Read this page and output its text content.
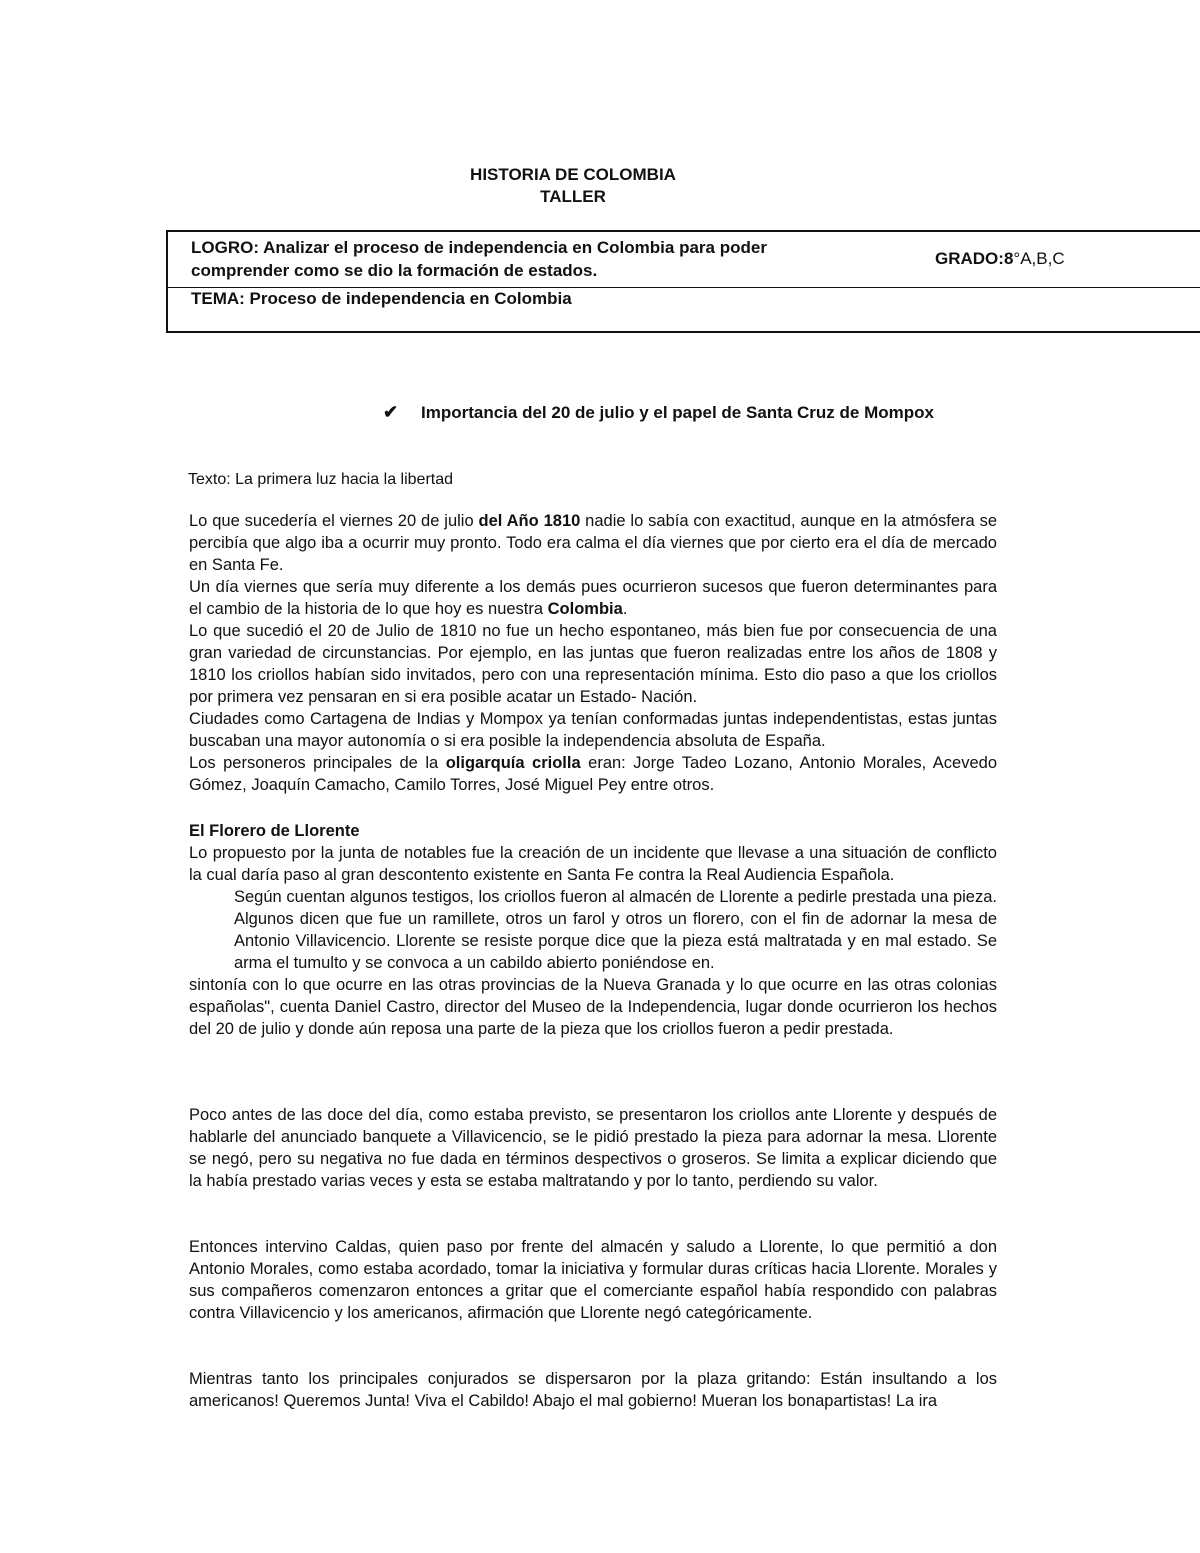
HISTORIA DE COLOMBIA
TALLER
LOGRO: Analizar el proceso de independencia en Colombia para poder comprender como se dio la formación de estados.
GRADO:8°A,B,C
TEMA: Proceso de independencia en Colombia
✔ Importancia del 20 de julio y el papel de Santa Cruz de Mompox
Texto: La primera luz hacia la libertad

Lo que sucedería el viernes 20 de julio del Año 1810 nadie lo sabía con exactitud, aunque en la atmósfera se percibía que algo iba a ocurrir muy pronto. Todo era calma el día viernes que por cierto era el día de mercado en Santa Fe.

Un día viernes que sería muy diferente a los demás pues ocurrieron sucesos que fueron determinantes para el cambio de la historia de lo que hoy es nuestra Colombia.

Lo que sucedió el 20 de Julio de 1810 no fue un hecho espontaneo, más bien fue por consecuencia de una gran variedad de circunstancias. Por ejemplo, en las juntas que fueron realizadas entre los años de 1808 y 1810 los criollos habían sido invitados, pero con una representación mínima. Esto dio paso a que los criollos por primera vez pensaran en si era posible acatar un Estado- Nación.

Ciudades como Cartagena de Indias y Mompox ya tenían conformadas juntas independentistas, estas juntas buscaban una mayor autonomía o si era posible la independencia absoluta de España.

Los personeros principales de la oligarquía criolla eran: Jorge Tadeo Lozano, Antonio Morales, Acevedo Gómez, Joaquín Camacho, Camilo Torres, José Miguel Pey entre otros.

El Florero de Llorente

Lo propuesto por la junta de notables fue la creación de un incidente que llevase a una situación de conflicto la cual daría paso al gran descontento existente en Santa Fe contra la Real Audiencia Española.

Según cuentan algunos testigos, los criollos fueron al almacén de Llorente a pedirle prestada una pieza. Algunos dicen que fue un ramillete, otros un farol y otros un florero, con el fin de adornar la mesa de Antonio Villavicencio. Llorente se resiste porque dice que la pieza está maltratada y en mal estado. Se arma el tumulto y se convoca a un cabildo abierto poniéndose en.

sintonía con lo que ocurre en las otras provincias de la Nueva Granada y lo que ocurre en las otras colonias españolas", cuenta Daniel Castro, director del Museo de la Independencia, lugar donde ocurrieron los hechos del 20 de julio y donde aún reposa una parte de la pieza que los criollos fueron a pedir prestada.

Poco antes de las doce del día, como estaba previsto, se presentaron los criollos ante Llorente y después de hablarle del anunciado banquete a Villavicencio, se le pidió prestado la pieza para adornar la mesa. Llorente se negó, pero su negativa no fue dada en términos despectivos o groseros. Se limita a explicar diciendo que la había prestado varias veces y esta se estaba maltratando y por lo tanto, perdiendo su valor.

Entonces intervino Caldas, quien paso por frente del almacén y saludo a Llorente, lo que permitió a don Antonio Morales, como estaba acordado, tomar la iniciativa y formular duras críticas hacia Llorente. Morales y sus compañeros comenzaron entonces a gritar que el comerciante español había respondido con palabras contra Villavicencio y los americanos, afirmación que Llorente negó categóricamente.

Mientras tanto los principales conjurados se dispersaron por la plaza gritando: Están insultando a los americanos! Queremos Junta! Viva el Cabildo! Abajo el mal gobierno! Mueran los bonapartistas! La ira
